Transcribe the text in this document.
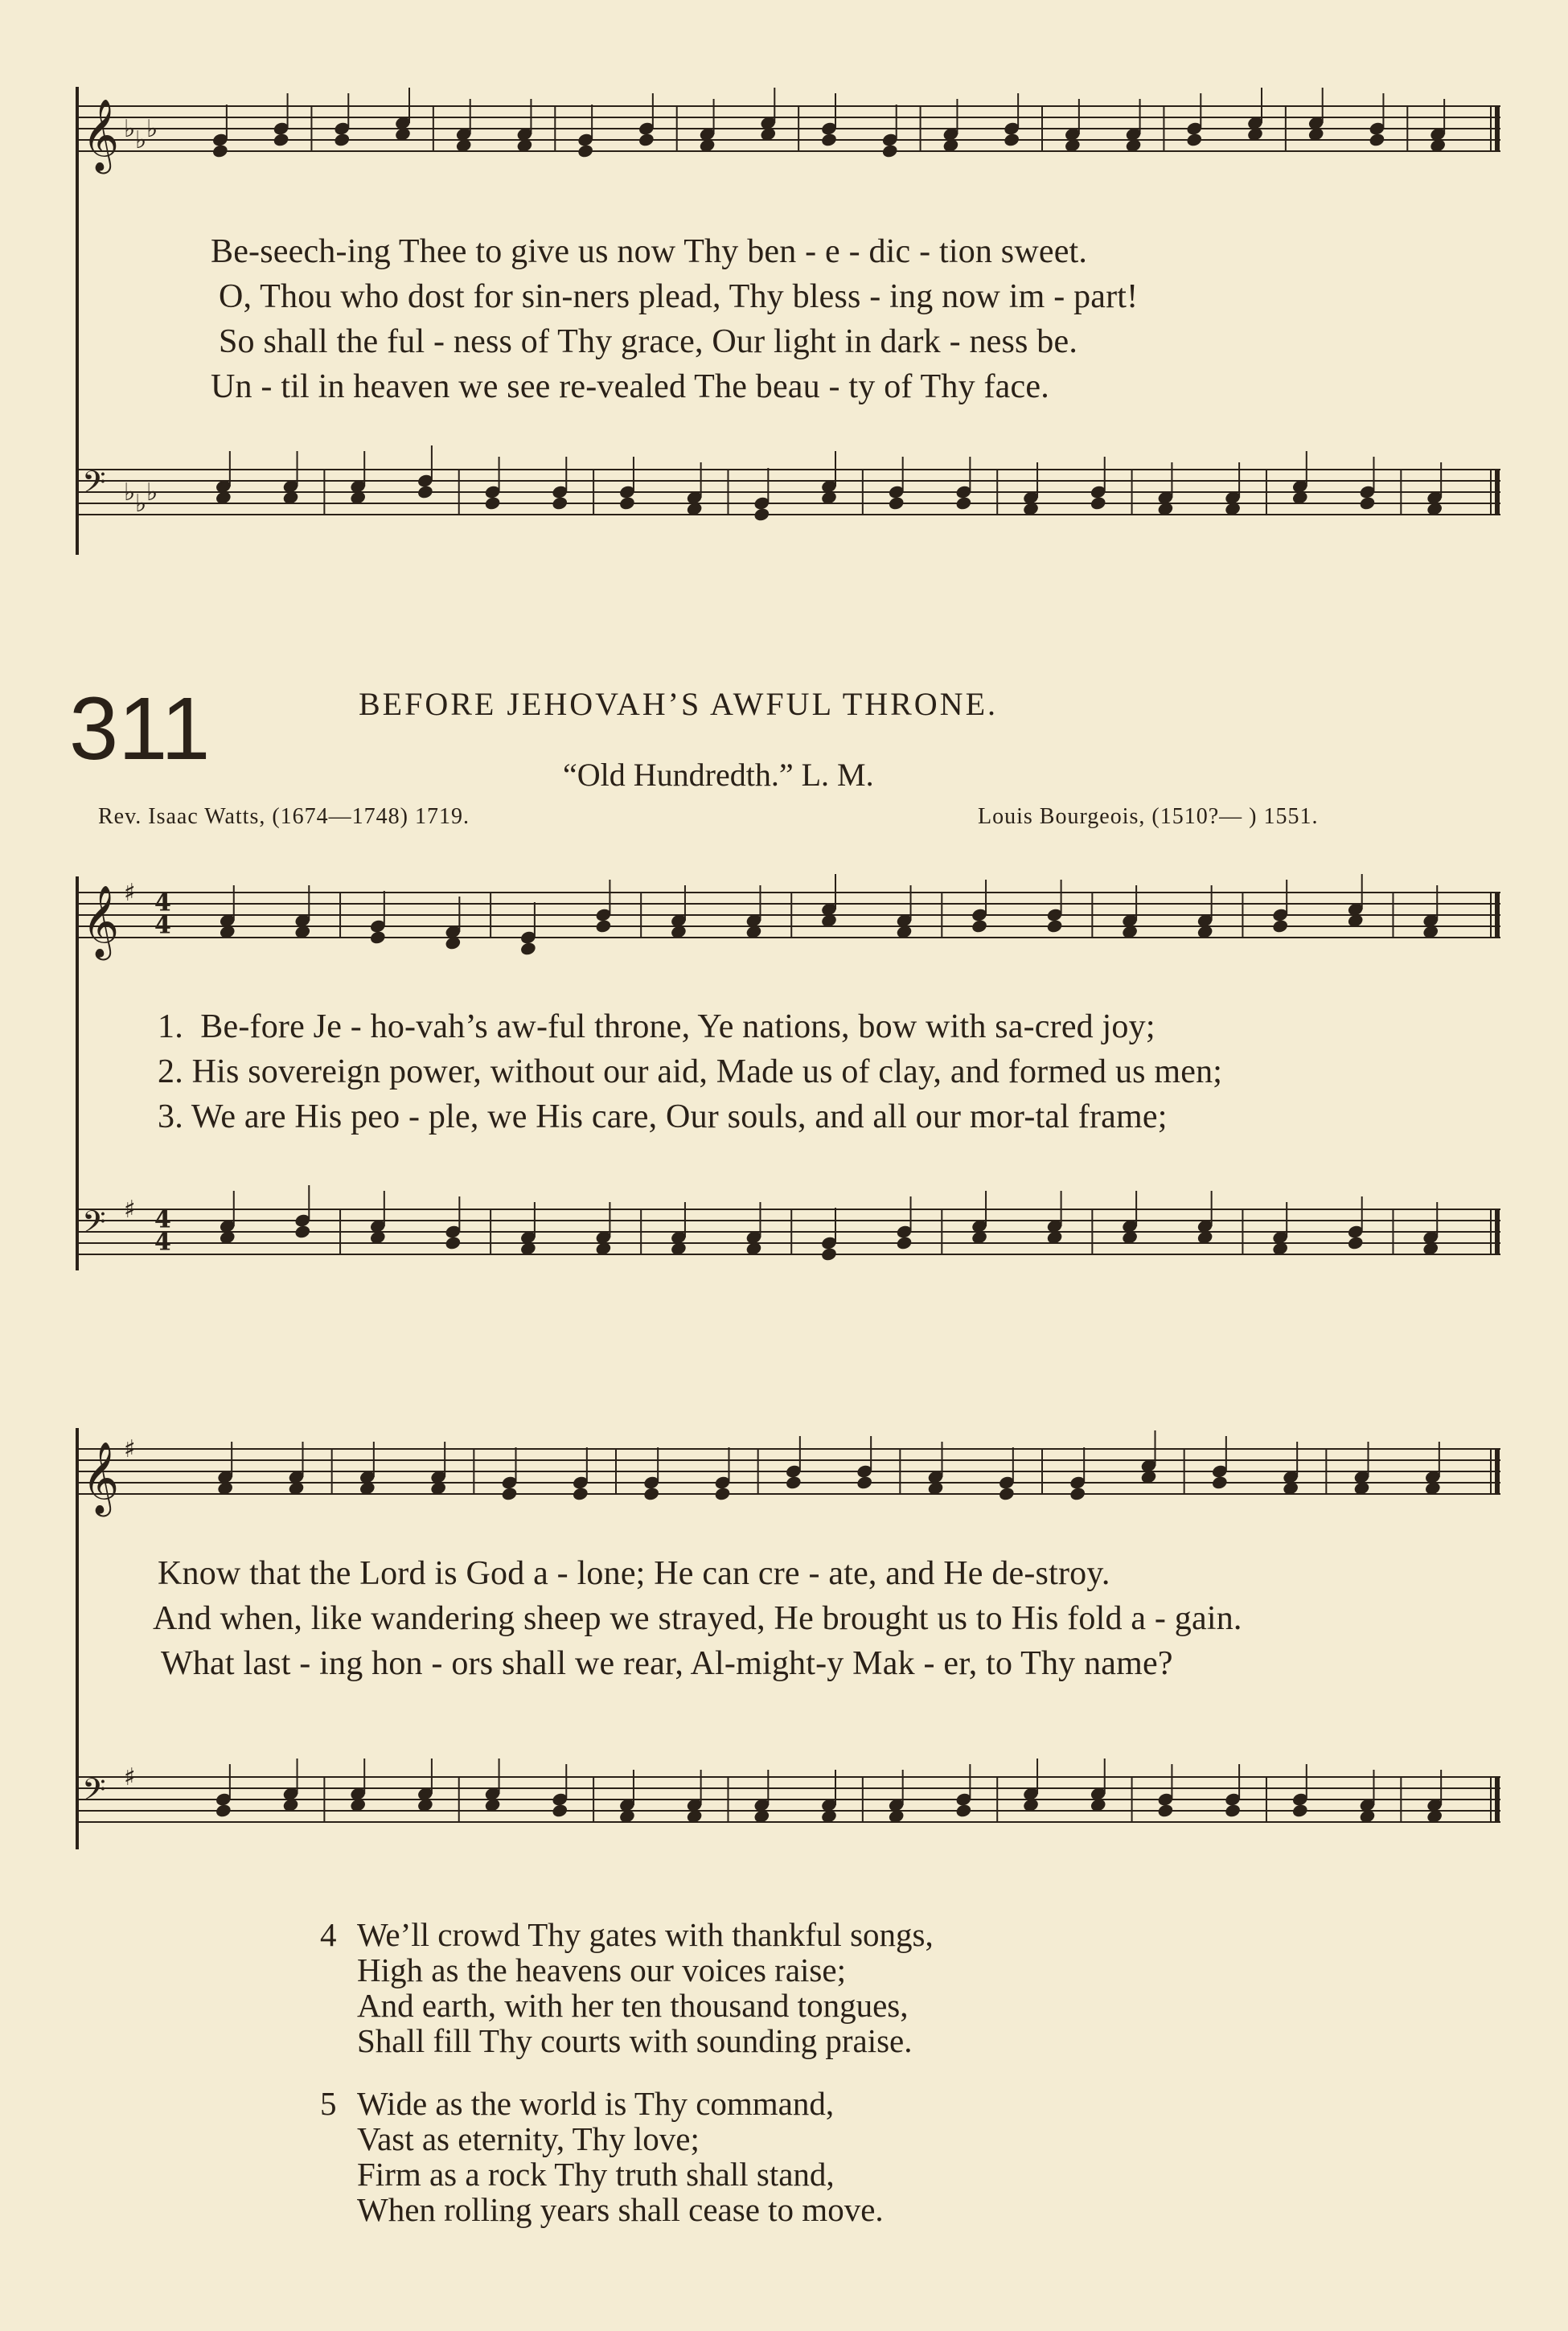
𝄞 ♭ ♭ ♭
Be-seech-ing Thee to give us now Thy ben - e - dic - tion sweet.
O, Thou who dost for sin-ners plead, Thy bless - ing now im - part!
So shall the ful - ness of Thy grace, Our light in dark - ness be.
Un - til in heaven we see re-vealed The beau - ty of Thy face.
𝄢 ♭ ♭ ♭
311	BEFORE JEHOVAH’S AWFUL THRONE.
“Old Hundredth.” L. M.
Rev. Isaac Watts, (1674—1748) 1719.	Louis Bourgeois, (1510?— ) 1551.
𝄞 ♯ 4
4
1.  Be-fore Je - ho-vah’s aw-ful throne, Ye nations, bow with sa-cred joy;
2. His sovereign power, without our aid, Made us of clay, and formed us men;
3. We are His peo - ple, we His care, Our souls, and all our mor-tal frame;
𝄢 ♯ 4
4
𝄞 ♯
Know that the Lord is God a - lone; He can cre - ate, and He de-stroy.
And when, like wandering sheep we strayed, He brought us to His fold a - gain.
What last - ing hon - ors shall we rear, Al-might-y Mak - er, to Thy name?
𝄢 ♯
4 We’ll crowd Thy gates with thankful songs,
High as the heavens our voices raise;
And earth, with her ten thousand tongues,
Shall fill Thy courts with sounding praise.
5 Wide as the world is Thy command,
Vast as eternity, Thy love;
Firm as a rock Thy truth shall stand,
When rolling years shall cease to move.
